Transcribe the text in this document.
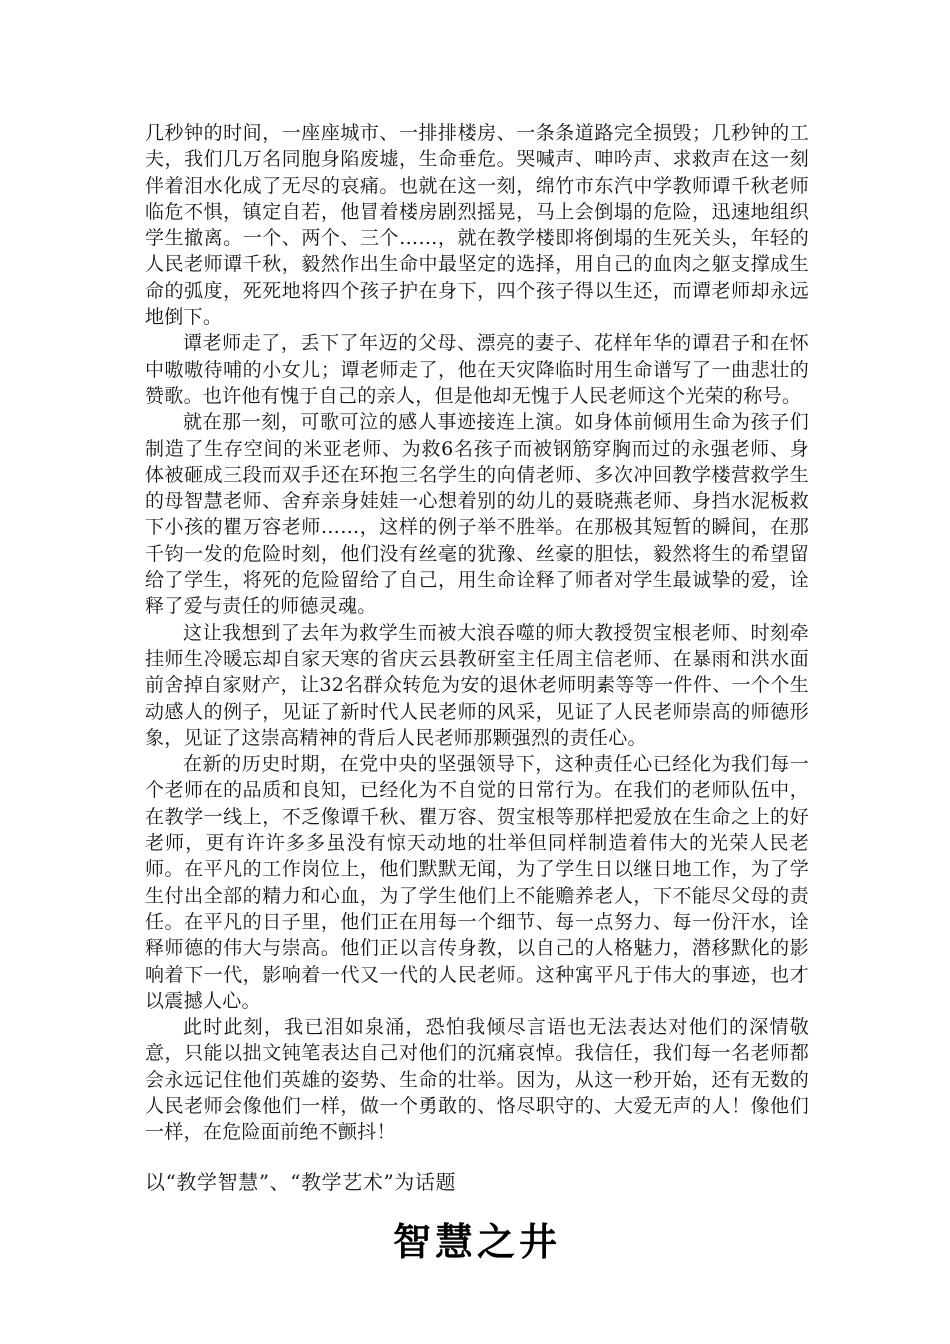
几秒钟的时间，一座座城市、一排排楼房、一条条道路完全损毁；几秒钟的工夫，我们几万名同胞身陷废墟，生命垂危。哭喊声、呻吟声、求救声在这一刻伴着泪水化成了无尽的哀痛。也就在这一刻，绵竹市东汽中学教师谭千秋老师临危不惧，镇定自若，他冒着楼房剧烈摇晃，马上会倒塌的危险，迅速地组织学生撤离。一个、两个、三个……，就在教学楼即将倒塌的生死关头，年轻的人民老师谭千秋，毅然作出生命中最坚定的选择，用自己的血肉之躯支撑成生命的弧度，死死地将四个孩子护在身下，四个孩子得以生还，而谭老师却永远地倒下。

谭老师走了，丢下了年迈的父母、漂亮的妻子、花样年华的谭君子和在怀中嗷嗷待哺的小女儿；谭老师走了，他在天灾降临时用生命谱写了一曲悲壮的赞歌。也许他有愧于自己的亲人，但是他却无愧于人民老师这个光荣的称号。

就在那一刻，可歌可泣的感人事迹接连上演。如身体前倾用生命为孩子们制造了生存空间的米亚老师、为救6名孩子而被钢筋穿胸而过的永强老师、身体被砸成三段而双手还在环抱三名学生的向倩老师、多次冲回教学楼营救学生的母智慧老师、舍弃亲身娃娃一心想着别的幼儿的聂晓燕老师、身挡水泥板救下小孩的瞿万容老师……，这样的例子举不胜举。在那极其短暂的瞬间，在那千钧一发的危险时刻，他们没有丝毫的犹豫、丝豪的胆怯，毅然将生的希望留给了学生，将死的危险留给了自己，用生命诠释了师者对学生最诚挚的爱，诠释了爱与责任的师德灵魂。

这让我想到了去年为救学生而被大浪吞噬的师大教授贺宝根老师、时刻牵挂师生冷暖忘却自家天寒的省庆云县教研室主任周主信老师、在暴雨和洪水面前舍掉自家财产，让32名群众转危为安的退休老师明素等等一件件、一个个生动感人的例子，见证了新时代人民老师的风采，见证了人民老师崇高的师德形象，见证了这崇高精神的背后人民老师那颗强烈的责任心。

在新的历史时期，在党中央的坚强领导下，这种责任心已经化为我们每一个老师在的品质和良知，已经化为不自觉的日常行为。在我们的老师队伍中，在教学一线上，不乏像谭千秋、瞿万容、贺宝根等那样把爱放在生命之上的好老师，更有许许多多虽没有惊天动地的壮举但同样制造着伟大的光荣人民老师。在平凡的工作岗位上，他们默默无闻，为了学生日以继日地工作，为了学生付出全部的精力和心血，为了学生他们上不能赡养老人，下不能尽父母的责任。在平凡的日子里，他们正在用每一个细节、每一点努力、每一份汗水，诠释师德的伟大与崇高。他们正以言传身教，以自己的人格魅力，潜移默化的影响着下一代，影响着一代又一代的人民老师。这种寓平凡于伟大的事迹，也才以震撼人心。

此时此刻，我已泪如泉涌，恐怕我倾尽言语也无法表达对他们的深情敬意，只能以拙文钝笔表达自己对他们的沉痛哀悼。我信任，我们每一名老师都会永远记住他们英雄的姿势、生命的壮举。因为，从这一秒开始，还有无数的人民老师会像他们一样，做一个勇敢的、恪尽职守的、大爱无声的人！像他们一样，在危险面前绝不颤抖！

以“教学智慧”、“教学艺术”为话题

智慧之井
